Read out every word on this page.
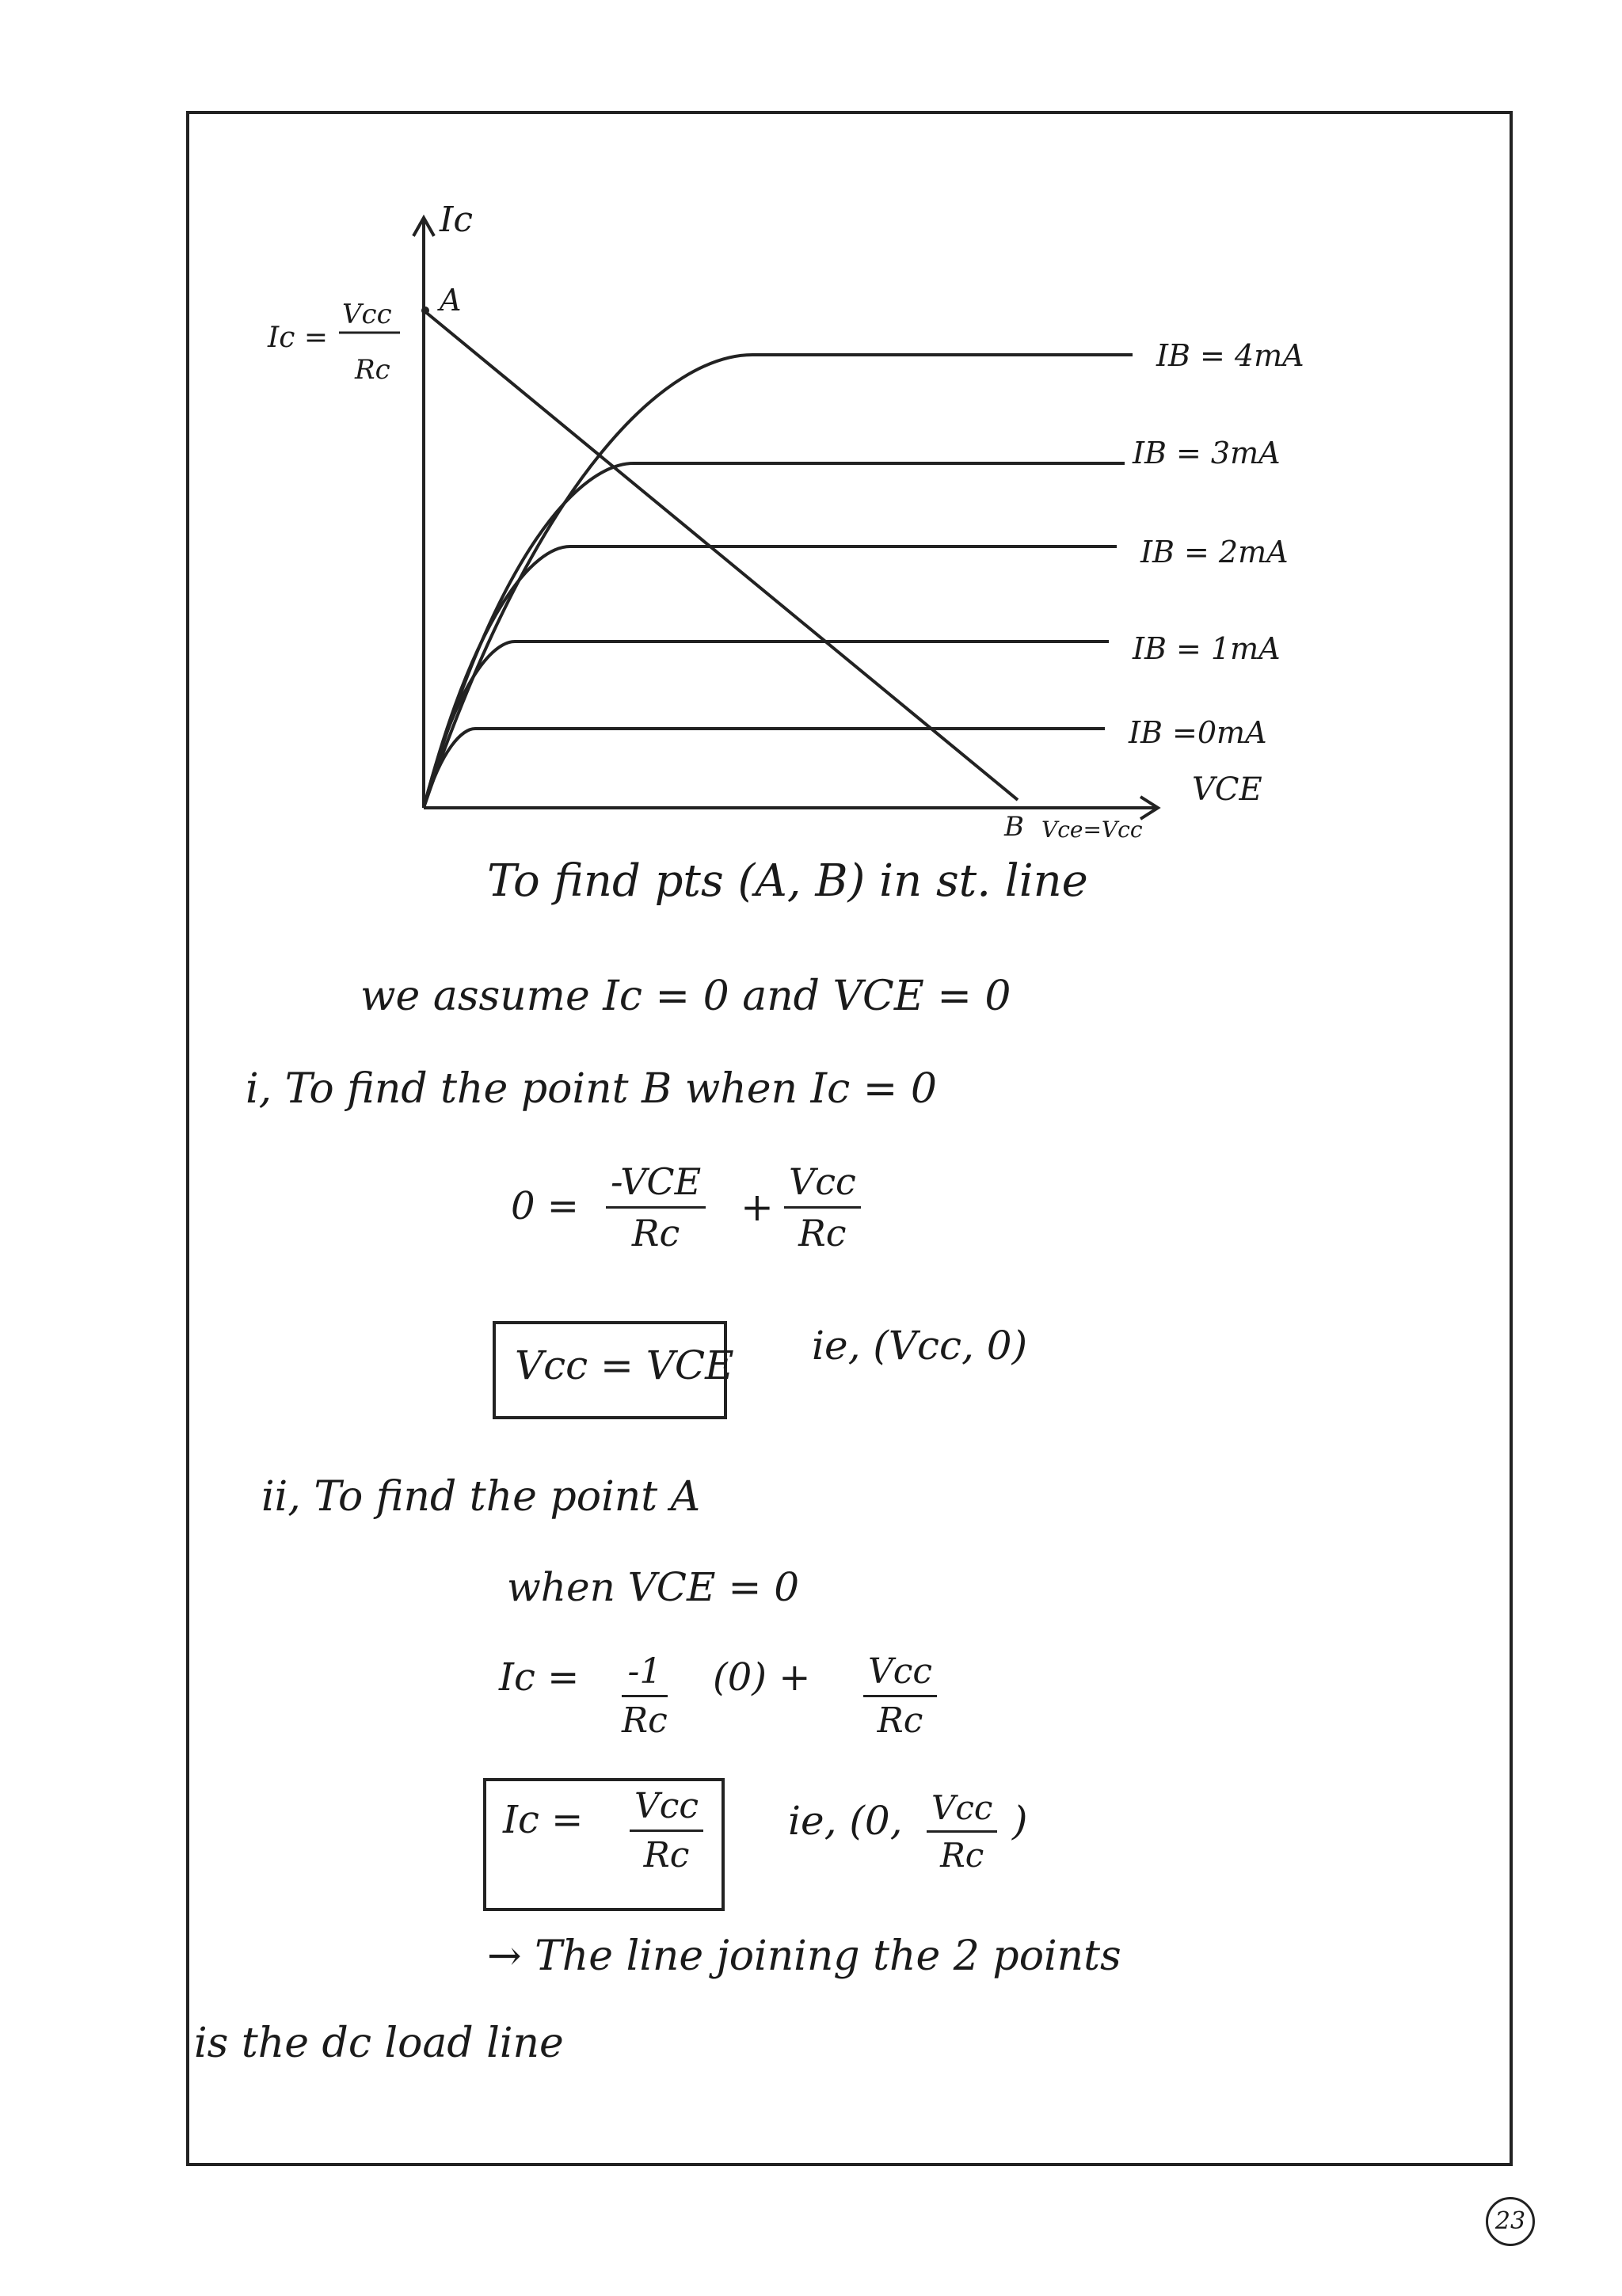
Ic
VCE
IB = 4mA
IB = 3mA
IB = 2mA
IB = 1mA
IB =0mA
A
B Vce=Vcc
Ic =
Vcc
Rc
To find pts (A, B) in st. line
we assume Ic = 0 and VCE = 0
i, To find the point B when Ic = 0
0 =
-VCE
Rc
+
Vcc
Rc
Vcc = VCE ie, (Vcc, 0)
ii, To find the point A
when VCE = 0
$Ic = \frac{-1}{Rc} (0)$ + Vcc
Rc
Ic = Vcc
Rc
ie, (0, Vcc
Rc
)
→ The line joining the 2 points
is the dc load line
23
